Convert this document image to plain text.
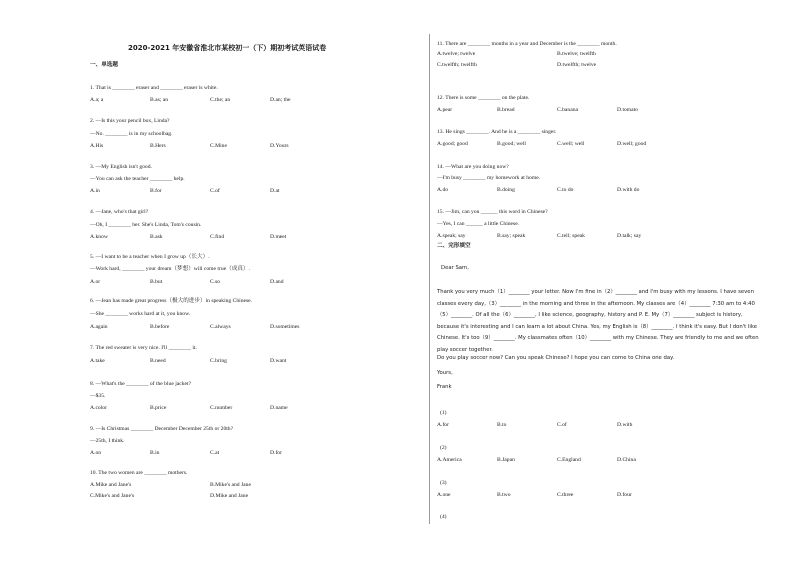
2020-2021 年安徽省淮北市某校初一（下）期初考试英语试卷
一、单选题
1. That is ________ eraser and ________ eraser is white.
A.a; a	B.as; an	C.the; an	D.an; the
2. —Is this your pencil box, Linda?
—No. ________ is in my schoolbag.
A.His	B.Hers	C.Mine	D.Yours
3. —My English isn't good.
—You can ask the teacher ________ help.
A.in	B.for	C.of	D.at
4. —Jane, who's that girl?
—Oh, I ________ her. She's Linda, Tom's cousin.
A.know	B.ask	C.find	D.meet
5. —I want to be a teacher when I grow up（长大）.
—Work hard, ________ your dream（梦想）will come true（成真）.
A.or	B.but	C.so	D.and
6. —Jean has made great progress（极大的进步）in speaking Chinese.
—She ________ works hard at it, you know.
A.again	B.before	C.always	D.sometimes
7. The red sweater is very nice. I'll ________ it.
A.take	B.need	C.bring	D.want
8. —What's the ________ of the blue jacket?
—$35.
A.color	B.price	C.number	D.name
9. —Is Christmas ________ December December 25th or 20th?
—25th, I think.
A.on	B.in	C.at	D.for
10. The two women are ________ mothers.
A.Mike and Jane's	B.Mike's and Jane
C.Mike's and Jane's	D.Mike and Jane
二、完形填空
Dear Sam,
Thank you very much（1）________ your letter. Now I'm fine in（2）________ and I'm busy with my lessons. I have seven classes every day,（3）________ in the morning and three in the afternoon. My classes are（4）________ 7:30 am to 4:40（5）________. Of all the（6）________, I like science, geography, history and P. E. My（7）________ subject is history, because it's interesting and I can learn a lot about China. Yes, my English is（8）________. I think it's easy. But I don't like Chinese. It's too（9）________. My classmates often（10）________ with my Chinese. They are friendly to me and we often play soccer together.
Do you play soccer now? Can you speak Chinese? I hope you can come to China one day.
Yours,
Frank
11. There are ________ months in a year and December is the ________ month.
A.twelve; twelve	B.twelve; twelfth
C.twelfth; twelfth	D.twelfth; twelve
12. There is some ________ on the plate.
A.pear	B.bread	C.banana	D.tomato
13. He sings ________. And he is a ________ singer.
A.good; good	B.good; well	C.well; well	D.well; good
14. —What are you doing now?
—I'm busy ________ my homework at home.
A.do	B.doing	C.to do	D.with do
15. —Jim, can you ______ this word in Chinese?
—Yes, I can ______ a little Chinese.
A.speak; say	B.say; speak	C.tell; speak	D.talk; say
(1)
A.for	B.to	C.of	D.with
(2)
A.America	B.Japan	C.England	D.China
(3)
A.one	B.two	C.three	D.four
(4)
